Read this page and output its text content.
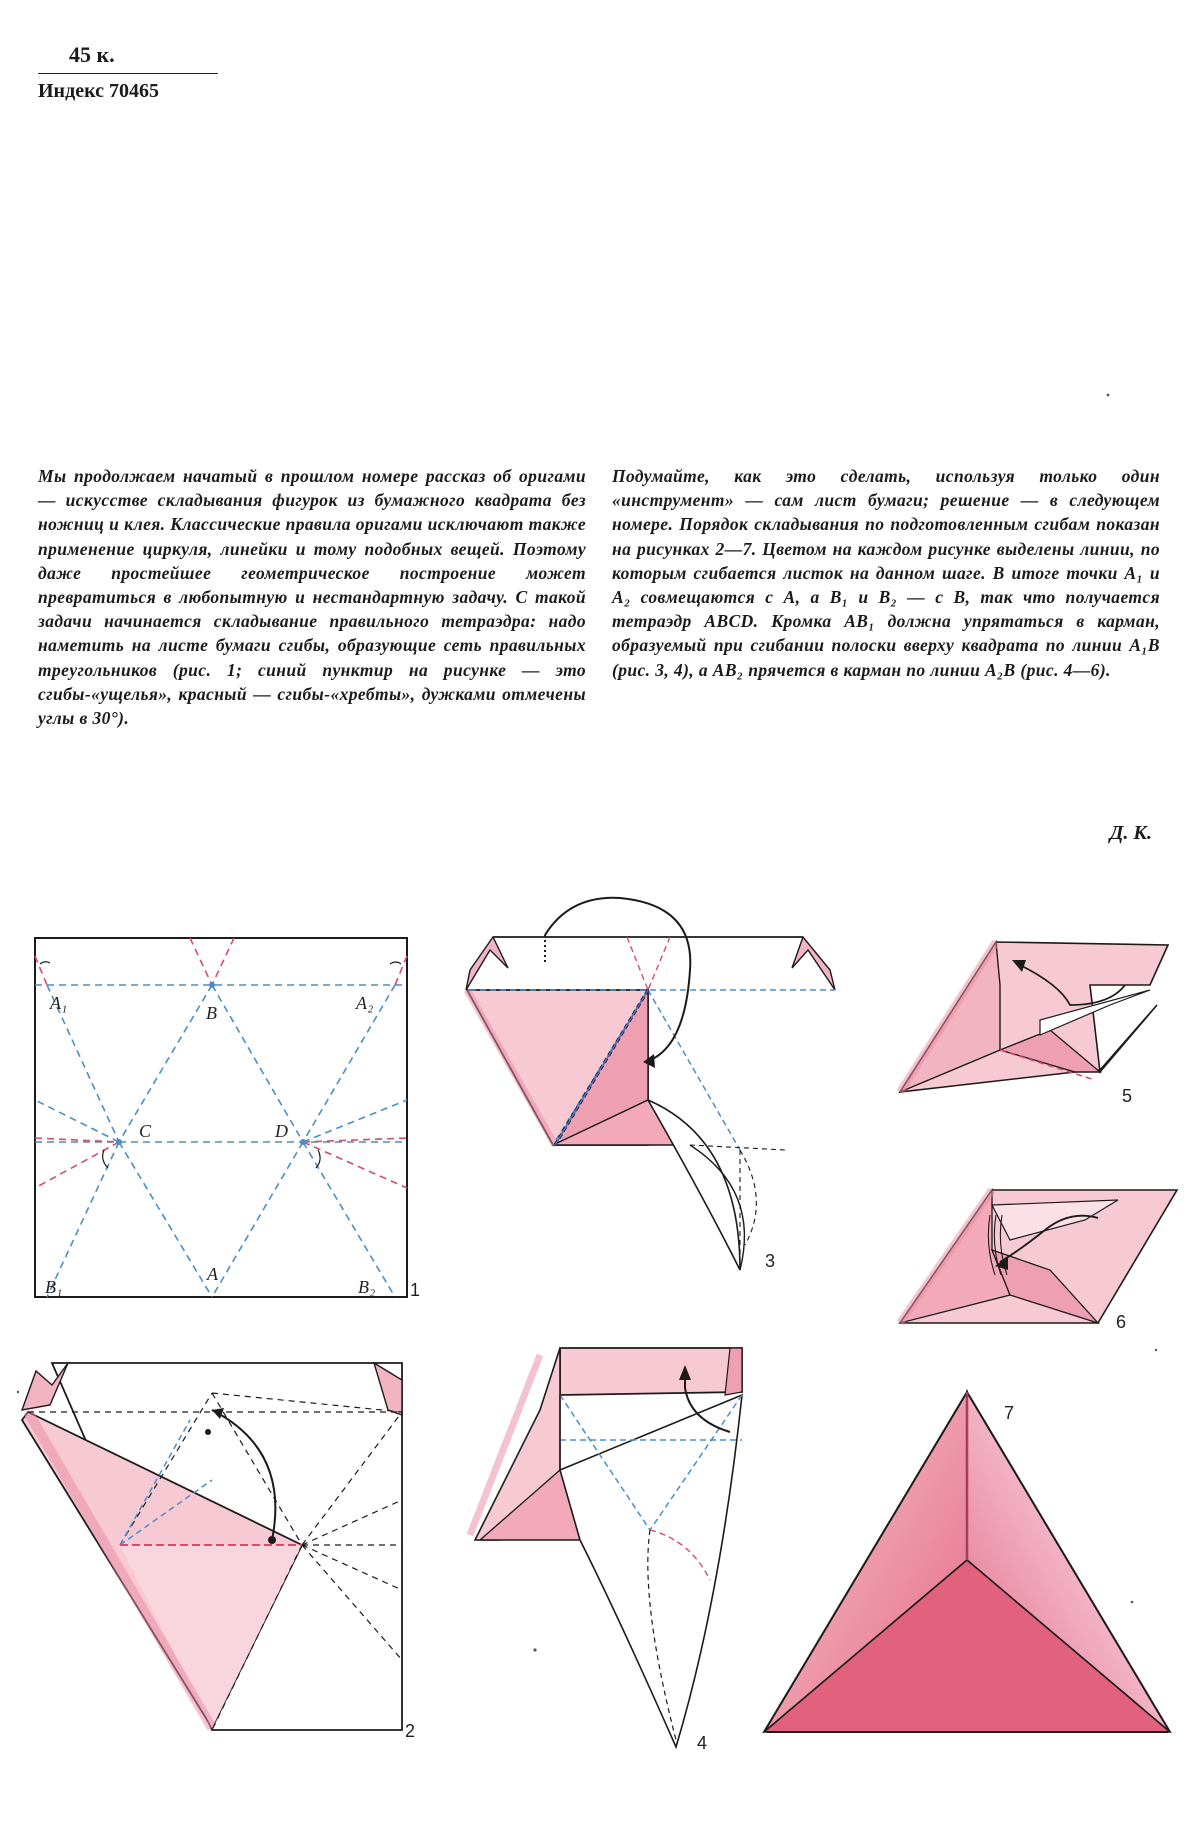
45 к.
Индекс 70465

Мы продолжаем начатый в прошлом номере рассказ об оригами — искусстве складывания фигурок из бумажного квадрата без ножниц и клея. Классические правила оригами исключают также применение циркуля, линейки и тому подобных вещей. Поэтому даже простейшее геометрическое построение может превратиться в любопытную и нестандартную задачу. С такой задачи начинается складывание правильного тетраэдра: надо наметить на листе бумаги сгибы, образующие сеть правильных треугольников (рис. 1; синий пунктир на рисунке — это сгибы-«ущелья», красный — сгибы-«хребты», дужками отмечены углы в 30°).

Подумайте, как это сделать, используя только один «инструмент» — сам лист бумаги; решение — в следующем номере. Порядок складывания по подготовленным сгибам показан на рисунках 2—7. Цветом на каждом рисунке выделены линии, по которым сгибается листок на данном шаге. В итоге точки A₁ и A₂ совмещаются с A, а B₁ и B₂ — с B, так что получается тетраэдр ABCD. Кромка AB₁ должна упрятаться в карман, образуемый при сгибании полоски вверху квадрата по линии A₁B (рис. 3, 4), а AB₂ прячется в карман по линии A₂B (рис. 4—6).

Д. К.
A₁	B	A₂
C	D
B₁
A
B₂ 1
2
3
4
5
6
7
